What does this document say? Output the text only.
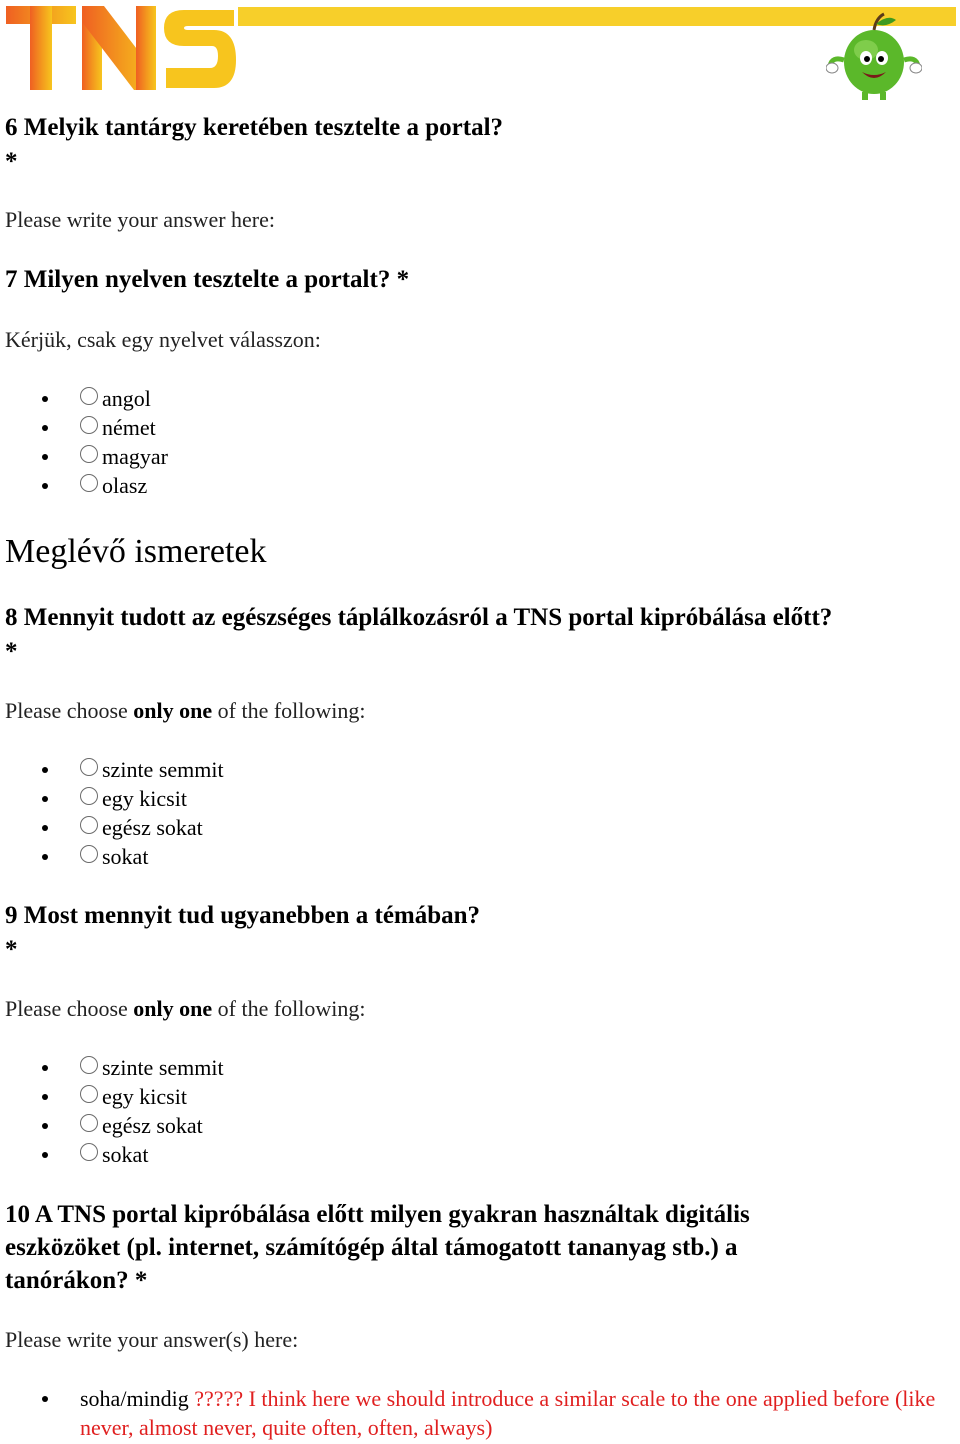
6 Melyik tantárgy keretében tesztelte a portal?
*
Please write your answer here:
7 Milyen nyelven tesztelte a portalt? *
Kérjük, csak egy nyelvet válasszon:
angol
német
magyar
olasz
Meglévő ismeretek
8 Mennyit tudott az egészséges táplálkozásról a TNS portal kipróbálása előtt?
*
Please choose only one of the following:
szinte semmit
egy kicsit
egész sokat
sokat
9 Most mennyit tud ugyanebben a témában?
*
Please choose only one of the following:
szinte semmit
egy kicsit
egész sokat
sokat
10 A TNS portal kipróbálása előtt milyen gyakran használtak digitális
eszközöket (pl. internet, számítógép által támogatott tananyag stb.) a
tanórákon? *
Please write your answer(s) here:
soha/mindig ????? I think here we should introduce a similar scale to the one applied before (like never, almost never, quite often, often, always)
